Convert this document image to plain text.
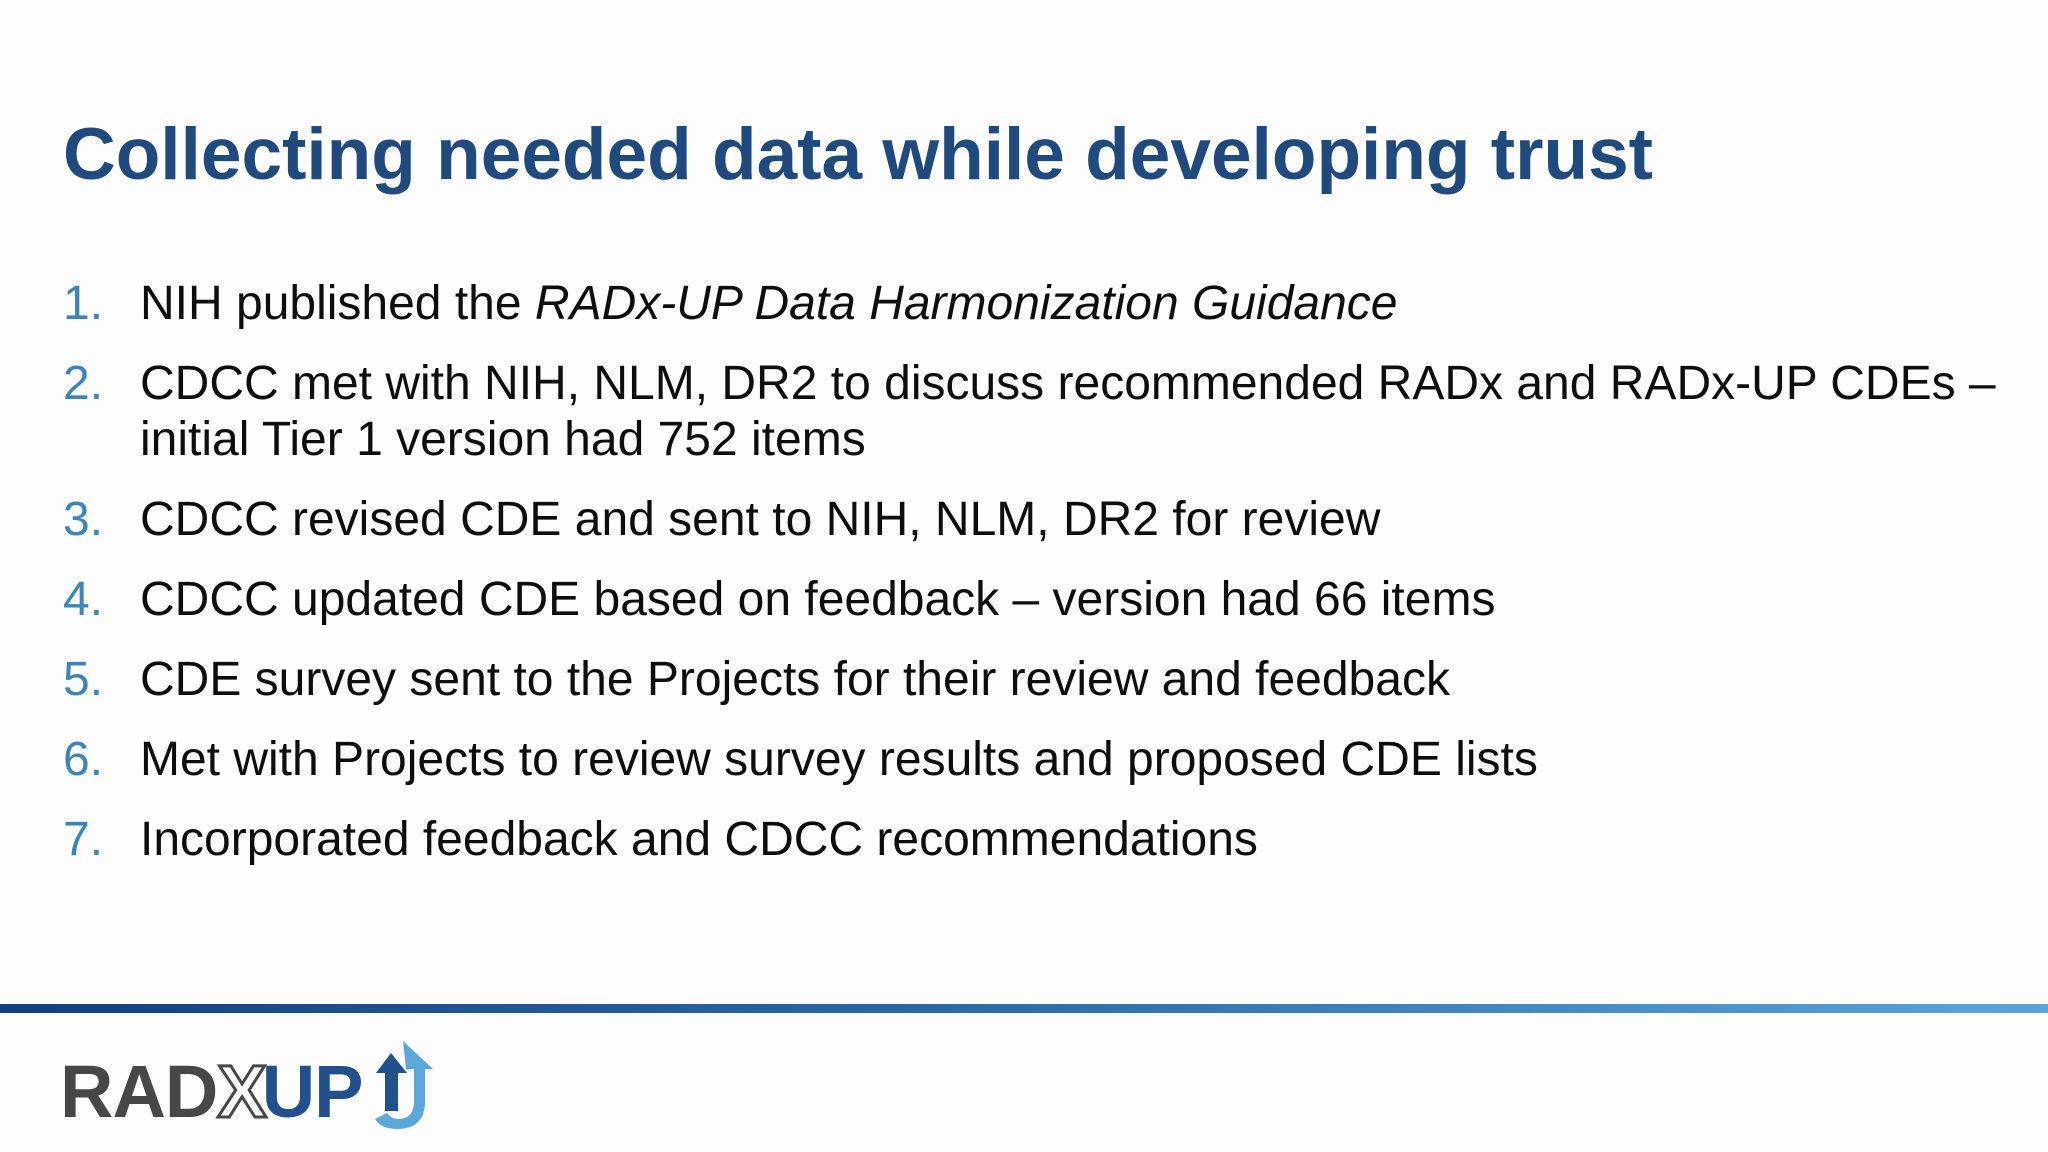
Collecting needed data while developing trust
1. NIH published the RADx-UP Data Harmonization Guidance
2. CDCC met with NIH, NLM, DR2 to discuss recommended RADx and RADx-UP CDEs – initial Tier 1 version had 752 items
3. CDCC revised CDE and sent to NIH, NLM, DR2 for review
4. CDCC updated CDE based on feedback – version had 66 items
5. CDE survey sent to the Projects for their review and feedback
6. Met with Projects to review survey results and proposed CDE lists
7. Incorporated feedback and CDCC recommendations
RADXUP
